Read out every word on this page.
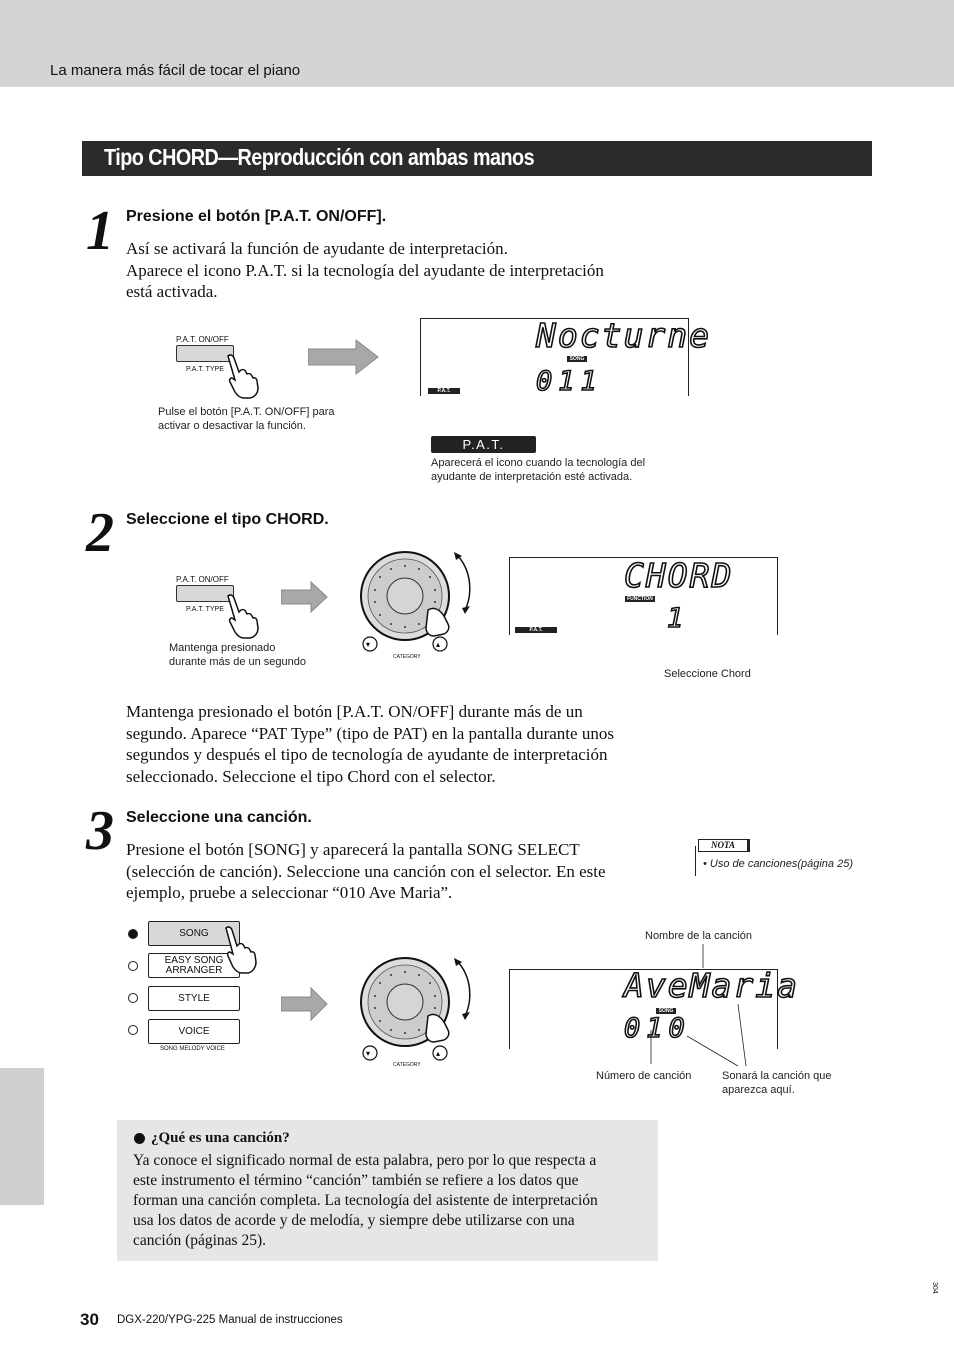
La manera más fácil de tocar el piano
Tipo CHORD—Reproducción con ambas manos
1 Presione el botón [P.A.T. ON/OFF].
Así se activará la función de ayudante de interpretación.
Aparece el icono P.A.T. si la tecnología del ayudante de interpretación
está activada.
P.A.T. ON/OFF
P.A.T. TYPE
Pulse el botón [P.A.T. ON/OFF] para
activar o desactivar la función.
Nocturne
SONG
011
P.A.T.
P.A.T.
Aparecerá el icono cuando la tecnología del
ayudante de interpretación esté activada.
2 Seleccione el tipo CHORD.
P.A.T. ON/OFF
P.A.T. TYPE
Mantenga presionado
durante más de un segundo
▾	▴
CATEGORY
CHORD
FUNCTION
1
P.A.T.
Seleccione Chord
Mantenga presionado el botón [P.A.T. ON/OFF] durante más de un
segundo. Aparece “PAT Type” (tipo de PAT) en la pantalla durante unos
segundos y después el tipo de tecnología de ayudante de interpretación
seleccionado. Seleccione el tipo Chord con el selector.
3 Seleccione una canción.
Presione el botón [SONG] y aparecerá la pantalla SONG SELECT
(selección de canción). Seleccione una canción con el selector. En este
ejemplo, pruebe a seleccionar “010 Ave Maria”.
NOTA
• Uso de canciones(página 25)
SONG
EASY SONG
ARRANGER
STYLE
VOICE
SONG MELODY VOICE	▾	▴
CATEGORY
Nombre de la canción
AveMaria
SONG
010
Número de canción	Sonará la canción que
aparezca aquí.
¿Qué es una canción?
Ya conoce el significado normal de esta palabra, pero por lo que respecta a
este instrumento el término “canción” también se refiere a los datos que
forman una canción completa. La tecnología del asistente de interpretación
usa los datos de acorde y de melodía, y siempre debe utilizarse con una
canción (páginas 25).
30 DGX-220/YPG-225 Manual de instrucciones
304
